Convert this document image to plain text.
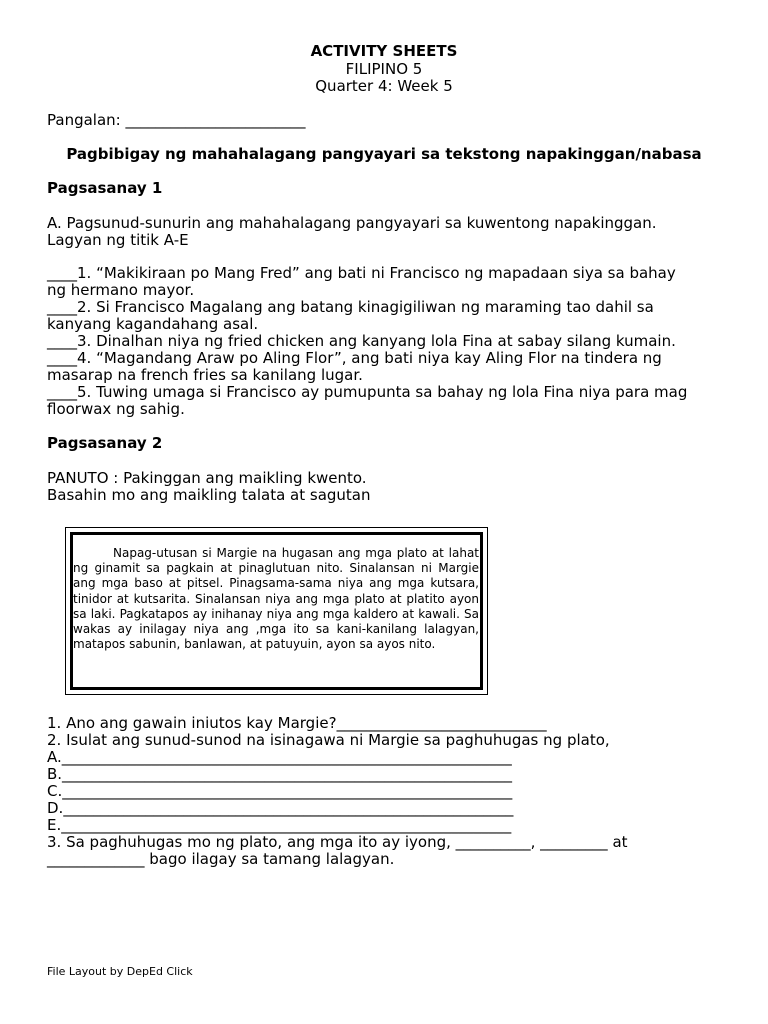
ACTIVITY SHEETS
FILIPINO 5
Quarter 4: Week 5
Pangalan: ________________________
Pagbibigay ng mahahalagang pangyayari sa tekstong napakinggan/nabasa
Pagsasanay 1
A. Pagsunud-sunurin ang mahahalagang pangyayari sa kuwentong napakinggan.
Lagyan ng titik A-E
____1. “Makikiraan po Mang Fred” ang bati ni Francisco ng mapadaan siya sa bahay
ng hermano mayor.
____2. Si Francisco Magalang ang batang kinagigiliwan ng maraming tao dahil sa
kanyang kagandahang asal.
____3. Dinalhan niya ng fried chicken ang kanyang lola Fina at sabay silang kumain.
____4. “Magandang Araw po Aling Flor”, ang bati niya kay Aling Flor na tindera ng
masarap na french fries sa kanilang lugar.
____5. Tuwing umaga si Francisco ay pumupunta sa bahay ng lola Fina niya para mag
floorwax ng sahig.
Pagsasanay 2
PANUTO : Pakinggan ang maikling kwento.
Basahin mo ang maikling talata at sagutan
Napag-utusan si Margie na hugasan ang mga plato at lahat ng ginamit sa pagkain at pinaglutuan nito. Sinalansan ni Margie ang mga baso at pitsel. Pinagsama-sama niya ang mga kutsara, tinidor at kutsarita. Sinalansan niya ang mga plato at platito ayon sa laki. Pagkatapos ay inihanay niya ang mga kaldero at kawali. Sa wakas ay inilagay niya ang ,mga ito sa kani-kanilang lalagyan, matapos sabunin, banlawan, at patuyuin, ayon sa ayos nito.
1. Ano ang gawain iniutos kay Margie?____________________________
2. Isulat ang sunud-sunod na isinagawa ni Margie sa paghuhugas ng plato,
A.____________________________________________________________
B.____________________________________________________________
C.____________________________________________________________
D.____________________________________________________________
E.____________________________________________________________
3. Sa paghuhugas mo ng plato, ang mga ito ay iyong, __________, _________ at
_____________ bago ilagay sa tamang lalagyan.
File Layout by DepEd Click
